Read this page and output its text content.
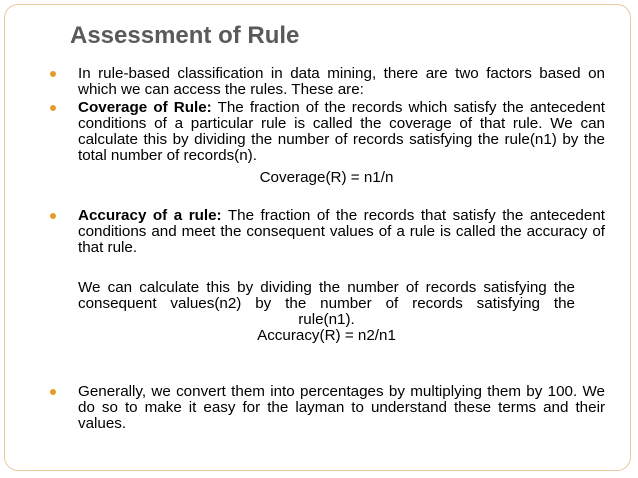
Assessment of Rule

In rule-based classification in data mining, there are two factors based on which we can access the rules. These are:

Coverage of Rule: The fraction of the records which satisfy the antecedent conditions of a particular rule is called the coverage of that rule. We can calculate this by dividing the number of records satisfying the rule(n1) by the total number of records(n).

Coverage(R) = n1/n

Accuracy of a rule: The fraction of the records that satisfy the antecedent conditions and meet the consequent values of a rule is called the accuracy of that rule.

We can calculate this by dividing the number of records satisfying the consequent values(n2) by the number of records satisfying the

rule(n1).

Accuracy(R) = n2/n1

Generally, we convert them into percentages by multiplying them by 100. We do so to make it easy for the layman to understand these terms and their values.
